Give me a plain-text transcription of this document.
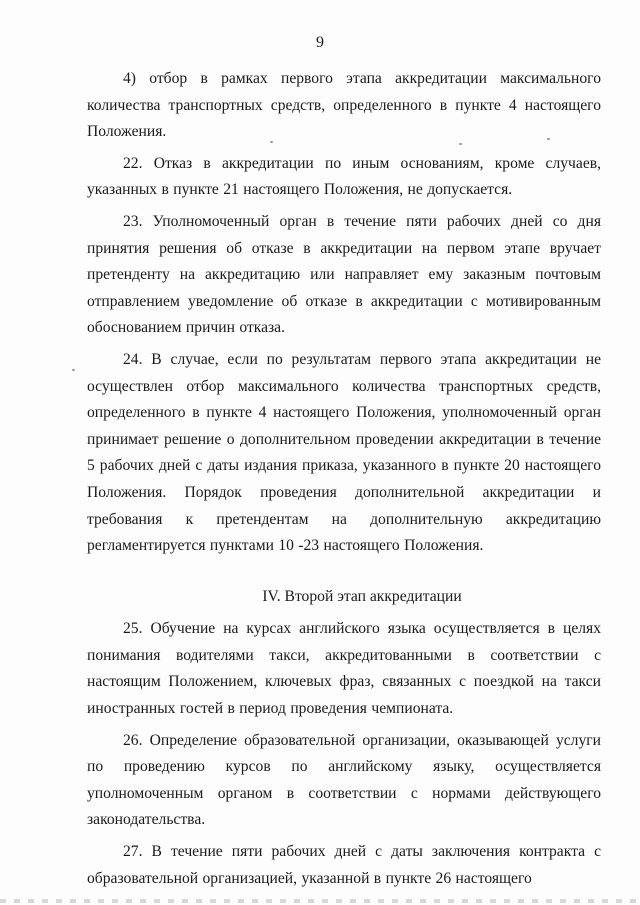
9

4) отбор в рамках первого этапа аккредитации максимального количества транспортных средств, определенного в пункте 4 настоящего Положения.

22. Отказ в аккредитации по иным основаниям, кроме случаев, указанных в пункте 21 настоящего Положения, не допускается.

23. Уполномоченный орган в течение пяти рабочих дней со дня принятия решения об отказе в аккредитации на первом этапе вручает претенденту на аккредитацию или направляет ему заказным почтовым отправлением уведомление об отказе в аккредитации с мотивированным обоснованием причин отказа.

24. В случае, если по результатам первого этапа аккредитации не осуществлен отбор максимального количества транспортных средств, определенного в пункте 4 настоящего Положения, уполномоченный орган принимает решение о дополнительном проведении аккредитации в течение 5 рабочих дней с даты издания приказа, указанного в пункте 20 настоящего Положения. Порядок проведения дополнительной аккредитации и требования к претендентам на дополнительную аккредитацию регламентируется пунктами 10 -23 настоящего Положения.

IV. Второй этап аккредитации

25. Обучение на курсах английского языка осуществляется в целях понимания водителями такси, аккредитованными в соответствии с настоящим Положением, ключевых фраз, связанных с поездкой на такси иностранных гостей в период проведения чемпионата.

26. Определение образовательной организации, оказывающей услуги по проведению курсов по английскому языку, осуществляется уполномоченным органом в соответствии с нормами действующего законодательства.

27. В течение пяти рабочих дней с даты заключения контракта с образовательной организацией, указанной в пункте 26 настоящего
